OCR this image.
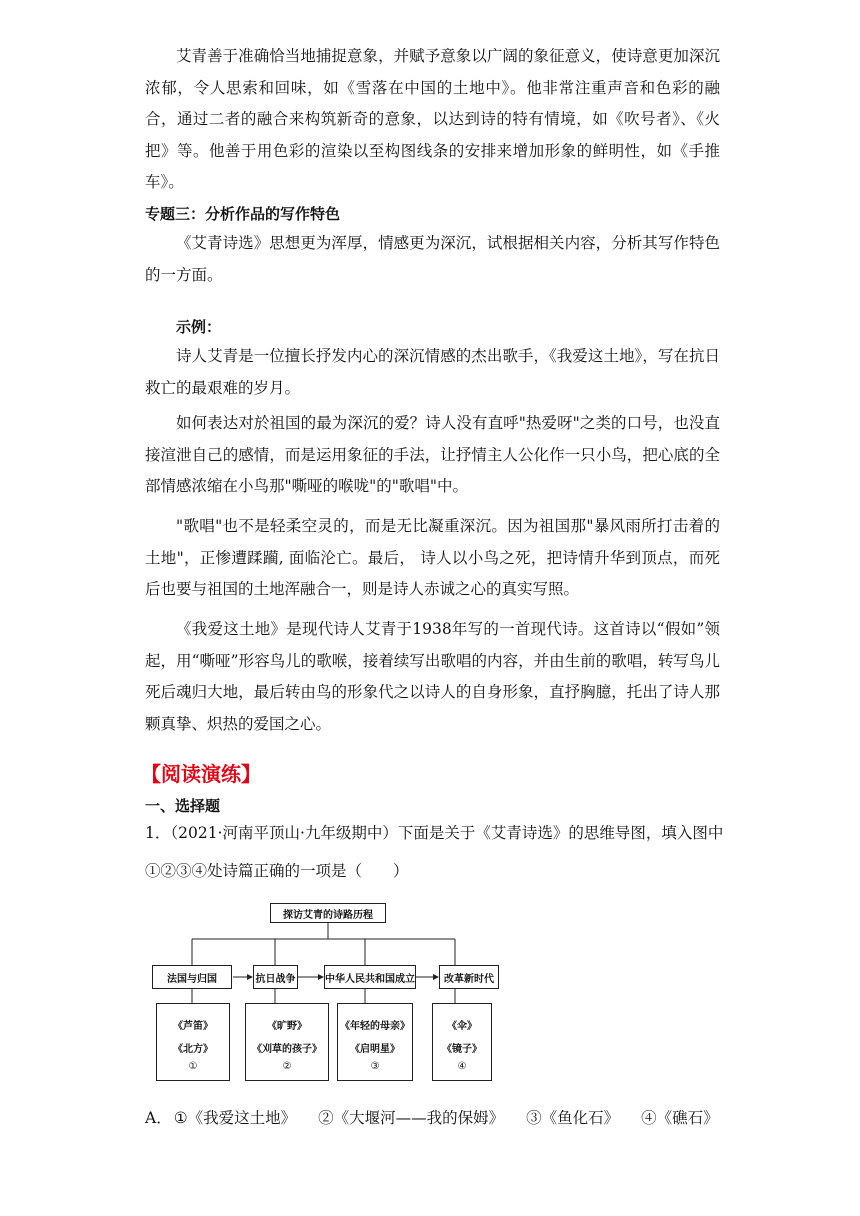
艾青善于准确恰当地捕捉意象，并赋予意象以广阔的象征意义，使诗意更加深沉浓郁，令人思索和回味，如《雪落在中国的土地中》。他非常注重声音和色彩的融合，通过二者的融合来构筑新奇的意象，以达到诗的特有情境，如《吹号者》、《火把》等。他善于用色彩的渲染以至构图线条的安排来增加形象的鲜明性，如《手推车》。

专题三：分析作品的写作特色

《艾青诗选》思想更为浑厚，情感更为深沉，试根据相关内容，分析其写作特色的一方面。

示例：

诗人艾青是一位擅长抒发内心的深沉情感的杰出歌手，《我爱这土地》，写在抗日救亡的最艰难的岁月。

如何表达对於祖国的最为深沉的爱？诗人没有直呼"热爱呀"之类的口号，也没直接渲泄自己的感情，而是运用象征的手法，让抒情主人公化作一只小鸟，把心底的全部情感浓缩在小鸟那"嘶哑的喉咙"的"歌唱"中。

"歌唱"也不是轻柔空灵的，而是无比凝重深沉。因为祖国那"暴风雨所打击着的土地"，正惨遭蹂躏, 面临沦亡。最后， 诗人以小鸟之死，把诗情升华到顶点，而死后也要与祖国的土地浑融合一，则是诗人赤诚之心的真实写照。

《我爱这土地》是现代诗人艾青于1938年写的一首现代诗。这首诗以“假如”领起，用“嘶哑”形容鸟儿的歌喉，接着续写出歌唱的内容，并由生前的歌唱，转写鸟儿死后魂归大地，最后转由鸟的形象代之以诗人的自身形象，直抒胸臆，托出了诗人那颗真挚、炽热的爱国之心。

【阅读演练】

一、选择题

1．（2021·河南平顶山·九年级期中）下面是关于《艾青诗选》的思维导图，填入图中

①②③④处诗篇正确的一项是（　　）

探访艾青的诗路历程
法国与归国	抗日战争	中华人民共和国成立	改革新时代
《芦笛》
《北方》
①
《旷野》
《刈草的孩子》
②
《年轻的母亲》
《启明星》
③
《伞》
《镜子》
④

A． ①《我爱这土地》 ②《大堰河——我的保姆》 ③《鱼化石》 ④《礁石》
